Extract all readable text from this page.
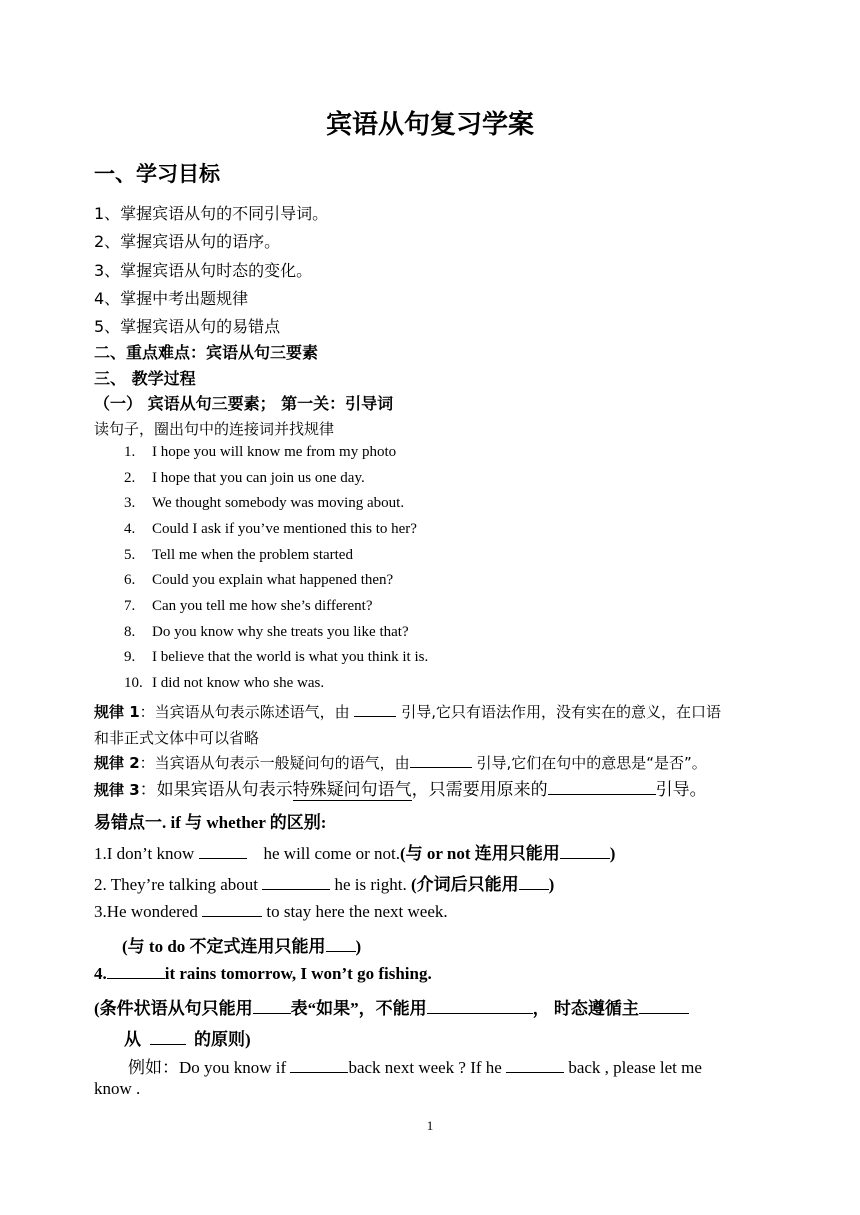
宾语从句复习学案
一、学习目标
1、掌握宾语从句的不同引导词。
2、掌握宾语从句的语序。
3、掌握宾语从句时态的变化。
4、掌握中考出题规律
5、掌握宾语从句的易错点
二、重点难点：宾语从句三要素
三、 教学过程
（一） 宾语从句三要素； 第一关：引导词
读句子，圈出句中的连接词并找规律
1. I hope you will know me from my photo
2. I hope that you can join us one day.
3. We thought somebody was moving about.
4. Could I ask if you’ve mentioned this to her?
5. Tell me when the problem started
6. Could you explain what happened then?
7. Can you tell me how she’s different?
8. Do you know why she treats you like that?
9. I believe that the world is what you think it is.
10. I did not know who she was.
规律 1：当宾语从句表示陈述语气，由	引导,它只有语法作用，没有实在的意义，在口语
和非正式文体中可以省略
规律 2：当宾语从句表示一般疑问句的语气，由	引导,它们在句中的意思是“是否”。
规律 3：如果宾语从句表示特殊疑问句语气，只需要用原来的	引导。
易错点一. if 与 whether 的区别:
1.I don’t know	he will come or not.(与 or not 连用只能用	)
2. They’re talking about	he is right. (介词后只能用 )
3.He wondered	to stay here the next week.
(与 to do 不定式连用只能用 )
4.	it rains tomorrow, I won’t go fishing.
(条件状语从句只能用 表“如果”，不能用	， 时态遵循主
从	的原则)
例如：Do you know if	back next week ? If he	back , please let me
know .
1
